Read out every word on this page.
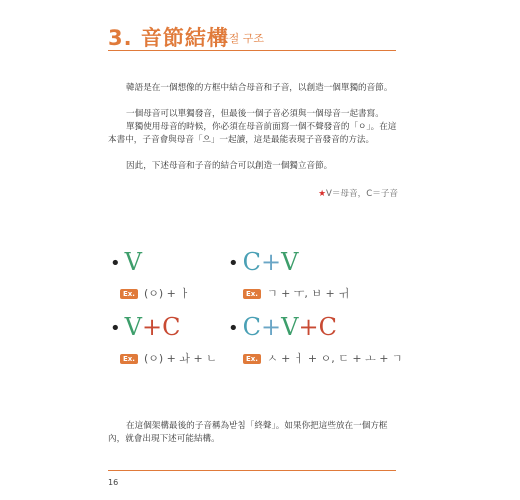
3. 音節結構
음절 구조

韓語是在一個想像的方框中結合母音和子音，以創造一個單獨的音節。

一個母音可以單獨發音，但最後一個子音必須與一個母音一起書寫。

單獨使用母音的時候，你必須在母音前面寫一個不聲發音的「ㅇ」。在這本書中，子音會與母音「으」一起讀，這是最能表現子音發音的方法。

因此，下述母音和子音的結合可以創造一個獨立音節。

★V＝母音，C＝子音
• V
Ex. (ㅇ) + ㅏ
• C+V
Ex. ㄱ + ㅜ, ㅂ + ㅟ
• V+C
Ex. (ㅇ) + ㅘ + ㄴ
• C+V+C
Ex. ㅅ + ㅓ + ㅇ, ㄷ + ㅗ + ㄱ

在這個架構最後的子音稱為받침「終聲」。如果你把這些放在一個方框內，就會出現下述可能結構。

16
